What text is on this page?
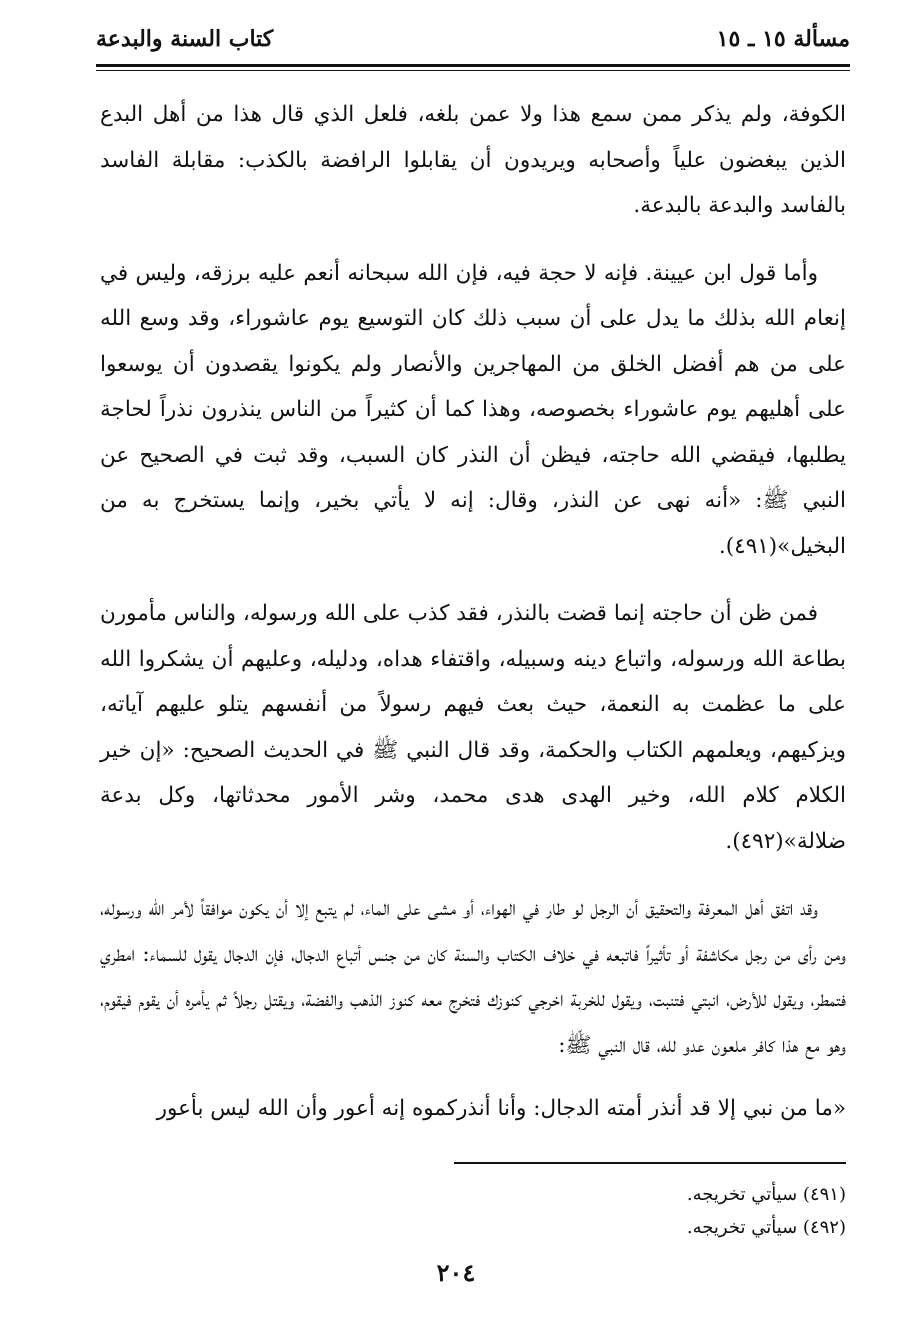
مسألة ١٥ ـ ١٥
كتاب السنة والبدعة

الكوفة، ولم يذكر ممن سمع هذا ولا عمن بلغه، فلعل الذي قال هذا من أهل البدع الذين يبغضون علياً وأصحابه ويريدون أن يقابلوا الرافضة بالكذب: مقابلة الفاسد بالفاسد والبدعة بالبدعة.

وأما قول ابن عيينة. فإنه لا حجة فيه، فإن الله سبحانه أنعم عليه برزقه، وليس في إنعام الله بذلك ما يدل على أن سبب ذلك كان التوسيع يوم عاشوراء، وقد وسع الله على من هم أفضل الخلق من المهاجرين والأنصار ولم يكونوا يقصدون أن يوسعوا على أهليهم يوم عاشوراء بخصوصه، وهذا كما أن كثيراً من الناس ينذرون نذراً لحاجة يطلبها، فيقضي الله حاجته، فيظن أن النذر كان السبب، وقد ثبت في الصحيح عن النبي ﷺ: «أنه نهى عن النذر، وقال: إنه لا يأتي بخير، وإنما يستخرج به من البخيل»(٤٩١).

فمن ظن أن حاجته إنما قضت بالنذر، فقد كذب على الله ورسوله، والناس مأمورن بطاعة الله ورسوله، واتباع دينه وسبيله، واقتفاء هداه، ودليله، وعليهم أن يشكروا الله على ما عظمت به النعمة، حيث بعث فيهم رسولاً من أنفسهم يتلو عليهم آياته، ويزكيهم، ويعلمهم الكتاب والحكمة، وقد قال النبي ﷺ في الحديث الصحيح: «إن خير الكلام كلام الله، وخير الهدى هدى محمد، وشر الأمور محدثاتها، وكل بدعة ضلالة»(٤٩٢).

وقد اتفق أهل المعرفة والتحقيق أن الرجل لو طار في الهواء، أو مشى على الماء، لم يتبع إلا أن يكون موافقاً لأمر الله ورسوله، ومن رأى من رجل مكاشفة أو تأثيراً فاتبعه في خلاف الكتاب والسنة كان من جنس أتباع الدجال، فإن الدجال يقول للسماء: امطري فتمطر، ويقول للأرض، انبتي فتنبت، ويقول للخربة اخرجي كنوزك فتخرج معه كنوز الذهب والفضة، ويقتل رجلاً ثم يأمره أن يقوم فيقوم، وهو مع هذا كافر ملعون عدو لله، قال النبي ﷺ:

«ما من نبي إلا قد أنذر أمته الدجال: وأنا أنذركموه إنه أعور وأن الله ليس بأعور

(٤٩١) سيأتي تخريجه.
(٤٩٢) سيأتي تخريجه.
٢٠٤
